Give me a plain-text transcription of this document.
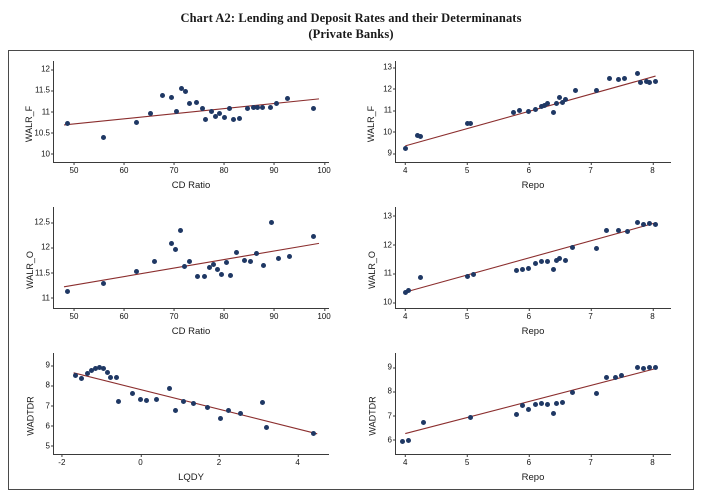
Chart A2: Lending and Deposit Rates and their Determinanats
(Private Banks)
10
10.5
11
11.5
12
50	60	70	80	90	100
WALR_F
CD Ratio
9
10
11
12
13
4	5	6	7	8
WALR_F
Repo
11
11.5
12
12.5
50	60	70	80	90	100
WALR_O
CD Ratio
10
11
12
13
4	5	6	7	8
WALR_O
Repo
5
6
7
8
9
-2	0	2	4
WADTDR
LQDY
6
7
8
9
4	5	6	7	8
WADTDR
Repo
